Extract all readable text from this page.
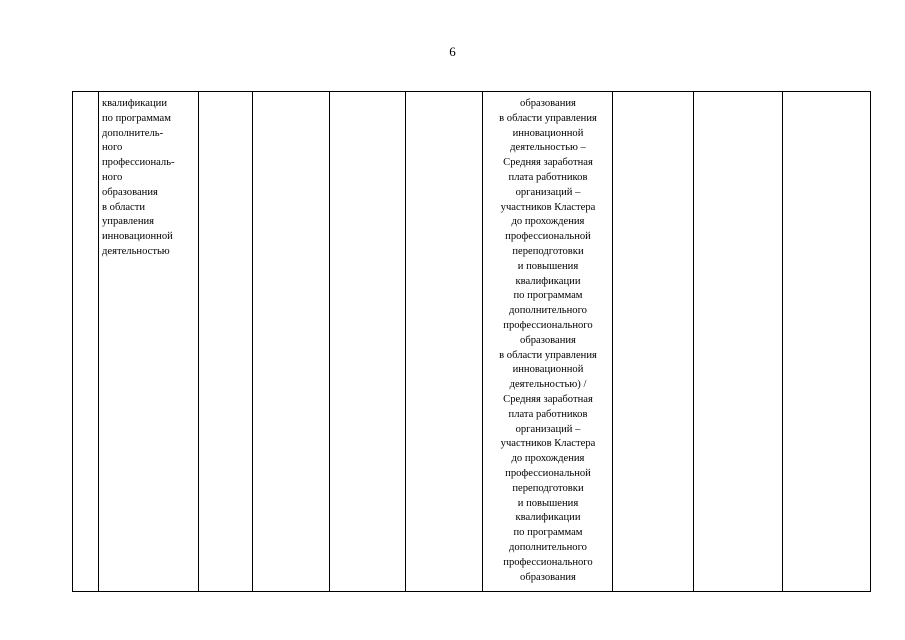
6
квалификации
по программам
дополнитель-
ного
профессиональ-
ного
образования
в области
управления
инновационной
деятельностью
образования
в области управления
инновационной
деятельностью –
Средняя заработная
плата работников
организаций –
участников Кластера
до прохождения
профессиональной
переподготовки
и повышения
квалификации
по программам
дополнительного
профессионального
образования
в области управления
инновационной
деятельностью) /
Средняя заработная
плата работников
организаций –
участников Кластера
до прохождения
профессиональной
переподготовки
и повышения
квалификации
по программам
дополнительного
профессионального
образования
